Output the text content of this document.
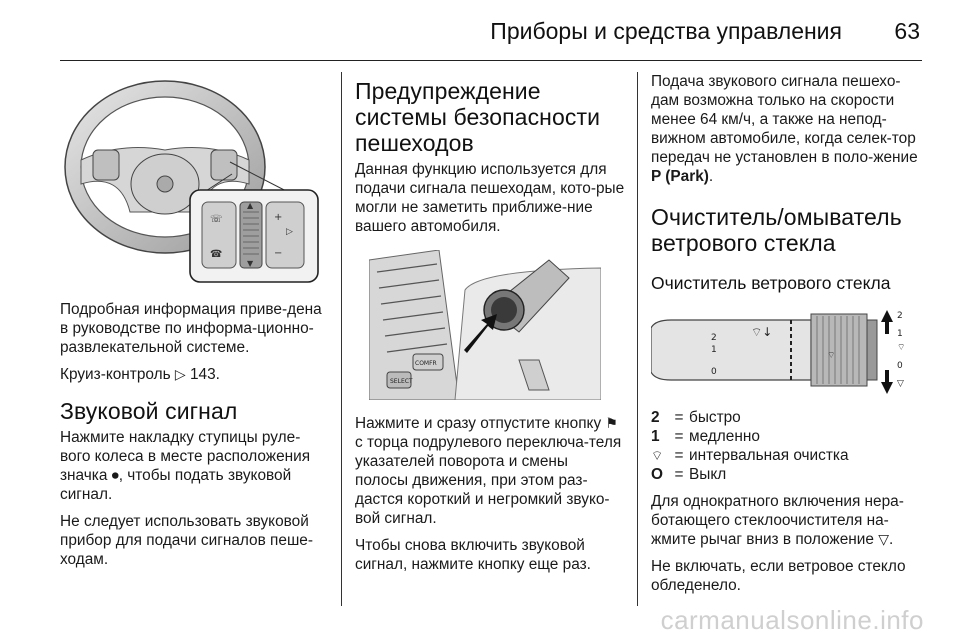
Приборы и средства управления 63
☏
☎
+
−
▷
▲
▼

Подробная информация приве-дена в руководстве по информа-ционно-развлекательной системе.

Круиз-контроль ▷ 143.

Звуковой сигнал

Нажмите накладку ступицы руле-вого колеса в месте расположения значка ⏺, чтобы подать звуковой сигнал.

Не следует использовать звуковой прибор для подачи сигналов пеше-ходам.

Предупреждение системы безопасности пешеходов

Данная функцию используется для подачи сигнала пешеходам, кото-рые могли не заметить приближе-ние вашего автомобиля.

SELECT
COMFR

Нажмите и сразу отпустите кнопку ⚑ с торца подрулевого переключа-теля указателей поворота и смены полосы движения, при этом раз-дастся короткий и негромкий звуко-вой сигнал.

Чтобы снова включить звуковой сигнал, нажмите кнопку еще раз.

Подача звукового сигнала пешехо-дам возможна только на скорости менее 64 км/ч, а также на непод-вижном автомобиле, когда селек-тор передач не установлен в поло-жение P (Park).

Очиститель/омыватель ветрового стекла
Очиститель ветрового стекла
2
1
0
⌔↓
⌔
2
1
⌔
0
▽
2 = быстро
1 = медленно
⌔ = интервальная очистка
O = Выкл

Для однократного включения нера-ботающего стеклоочистителя на-жмите рычаг вниз в положение ▽.

Не включать, если ветровое стекло обледенело.

carmanualsonline.info
